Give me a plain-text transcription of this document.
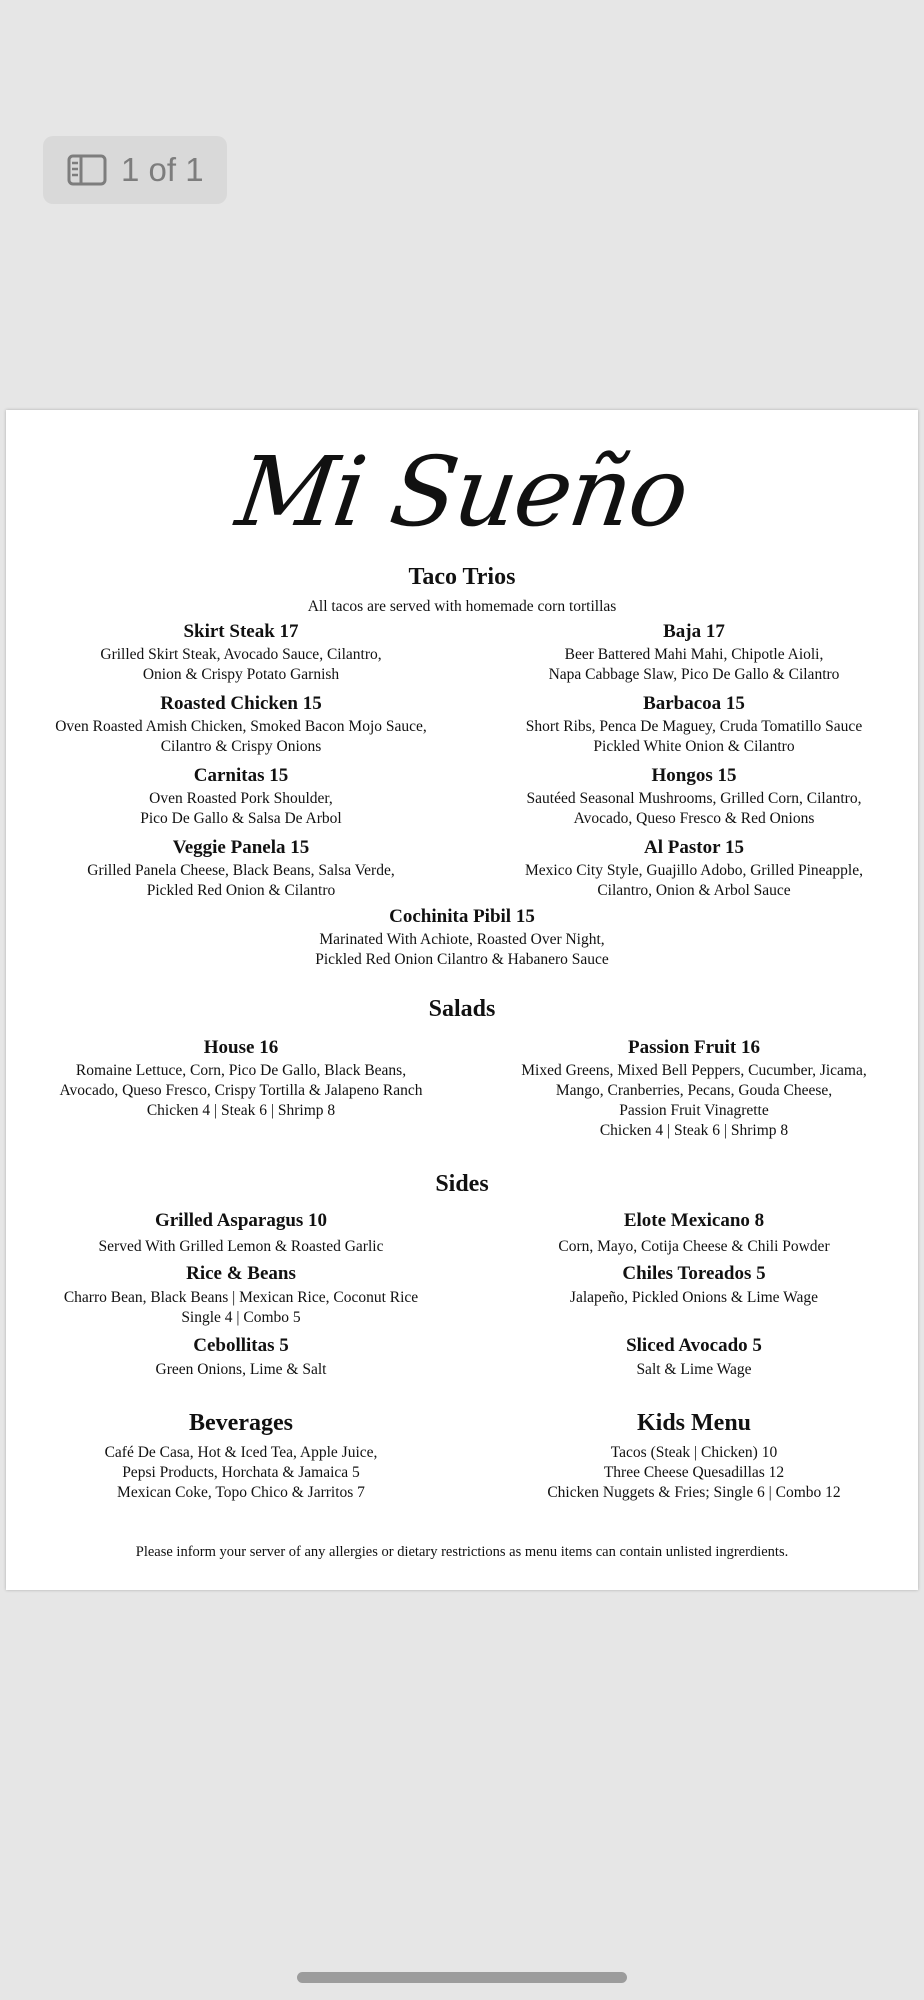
1 of 1
Mi Sueño
Taco Trios
All tacos are served with homemade corn tortillas
Skirt Steak 17
Grilled Skirt Steak, Avocado Sauce, Cilantro,
Onion & Crispy Potato Garnish
Baja 17
Beer Battered Mahi Mahi, Chipotle Aioli,
Napa Cabbage Slaw, Pico De Gallo & Cilantro
Roasted Chicken 15
Oven Roasted Amish Chicken, Smoked Bacon Mojo Sauce,
Cilantro & Crispy Onions
Barbacoa 15
Short Ribs, Penca De Maguey, Cruda Tomatillo Sauce
Pickled White Onion & Cilantro
Carnitas 15
Oven Roasted Pork Shoulder,
Pico De Gallo & Salsa De Arbol
Hongos 15
Sautéed Seasonal Mushrooms, Grilled Corn, Cilantro,
Avocado, Queso Fresco & Red Onions
Veggie Panela 15
Grilled Panela Cheese, Black Beans, Salsa Verde,
Pickled Red Onion & Cilantro
Al Pastor 15
Mexico City Style, Guajillo Adobo, Grilled Pineapple,
Cilantro, Onion & Arbol Sauce
Cochinita Pibil 15
Marinated With Achiote, Roasted Over Night,
Pickled Red Onion Cilantro & Habanero Sauce
Salads
House 16
Romaine Lettuce, Corn, Pico De Gallo, Black Beans,
Avocado, Queso Fresco, Crispy Tortilla & Jalapeno Ranch
Chicken 4 | Steak 6 | Shrimp 8
Passion Fruit 16
Mixed Greens, Mixed Bell Peppers, Cucumber, Jicama,
Mango, Cranberries, Pecans, Gouda Cheese,
Passion Fruit Vinagrette
Chicken 4 | Steak 6 | Shrimp 8
Sides
Grilled Asparagus 10
Served With Grilled Lemon & Roasted Garlic
Elote Mexicano 8
Corn, Mayo, Cotija Cheese & Chili Powder
Rice & Beans
Charro Bean, Black Beans | Mexican Rice, Coconut Rice
Single 4 | Combo 5
Chiles Toreados 5
Jalapeño, Pickled Onions & Lime Wage
Cebollitas 5
Green Onions, Lime & Salt
Sliced Avocado 5
Salt & Lime Wage
Beverages
Café De Casa, Hot & Iced Tea, Apple Juice,
Pepsi Products, Horchata & Jamaica 5
Mexican Coke, Topo Chico & Jarritos 7
Kids Menu
Tacos (Steak | Chicken) 10
Three Cheese Quesadillas 12
Chicken Nuggets & Fries; Single 6 | Combo 12
Please inform your server of any allergies or dietary restrictions as menu items can contain unlisted ingrerdients.
